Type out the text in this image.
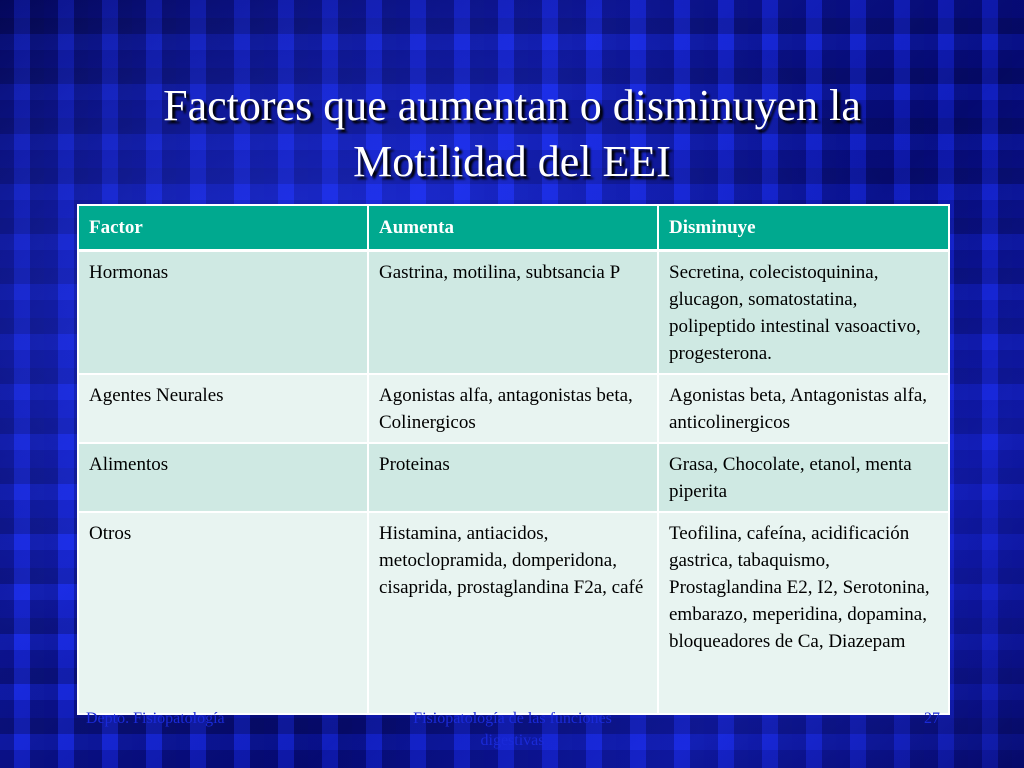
Factores que aumentan o disminuyen la
Motilidad del EEI
Factor	Aumenta	Disminuye
Hormonas	Gastrina, motilina, subtsancia P	Secretina, colecistoquinina, glucagon, somatostatina, polipeptido intestinal vasoactivo, progesterona.
Agentes Neurales	Agonistas alfa, antagonistas beta, Colinergicos	Agonistas beta, Antagonistas alfa, anticolinergicos
Alimentos	Proteinas	Grasa, Chocolate, etanol, menta piperita
Otros	Histamina, antiacidos, metoclopramida, domperidona, cisaprida, prostaglandina F2a, café	Teofilina, cafeína, acidificación gastrica, tabaquismo, Prostaglandina E2, I2, Serotonina, embarazo, meperidina, dopamina, bloqueadores de Ca, Diazepam
Depto. Fisiopatología	Fisiopatología de las funciones digestivas
27
